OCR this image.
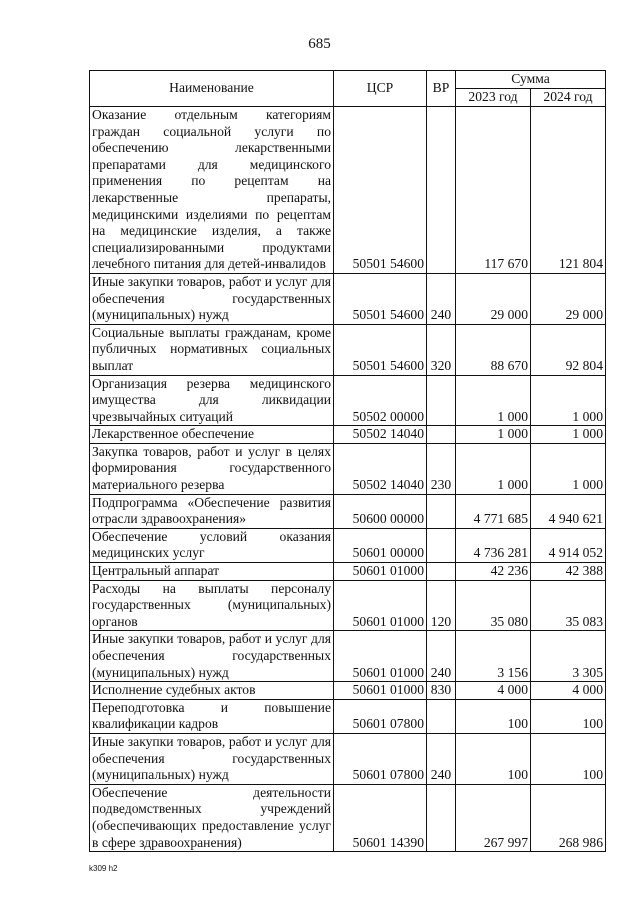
685
Наименование	ЦСР	ВР	Сумма	
			2023 год	2024 год
Оказание отдельным категориям граждан социальной услуги по обеспечению лекарственными препаратами для медицинского применения по рецептам на лекарственные препараты, медицинскими изделиями по рецептам на медицинские изделия, а также специализированными продуктами лечебного питания для детей-инвалидов	50501 54600		117 670	121 804
Иные закупки товаров, работ и услуг для обеспечения государственных (муниципальных) нужд	50501 54600	240	29 000	29 000
Социальные выплаты гражданам, кроме публичных нормативных социальных выплат	50501 54600	320	88 670	92 804
Организация резерва медицинского имущества для ликвидации чрезвычайных ситуаций	50502 00000		1 000	1 000
Лекарственное обеспечение	50502 14040		1 000	1 000
Закупка товаров, работ и услуг в целях формирования государственного материального резерва	50502 14040	230	1 000	1 000
Подпрограмма «Обеспечение развития отрасли здравоохранения»	50600 00000		4 771 685	4 940 621
Обеспечение условий оказания медицинских услуг	50601 00000		4 736 281	4 914 052
Центральный аппарат	50601 01000		42 236	42 388
Расходы на выплаты персоналу государственных (муниципальных) органов	50601 01000	120	35 080	35 083
Иные закупки товаров, работ и услуг для обеспечения государственных (муниципальных) нужд	50601 01000	240	3 156	3 305
Исполнение судебных актов	50601 01000	830	4 000	4 000
Переподготовка и повышение квалификации кадров	50601 07800		100	100
Иные закупки товаров, работ и услуг для обеспечения государственных (муниципальных) нужд	50601 07800	240	100	100
Обеспечение деятельности подведомственных учреждений (обеспечивающих предоставление услуг в сфере здравоохранения)	50601 14390		267 997	268 986
k309 h2
